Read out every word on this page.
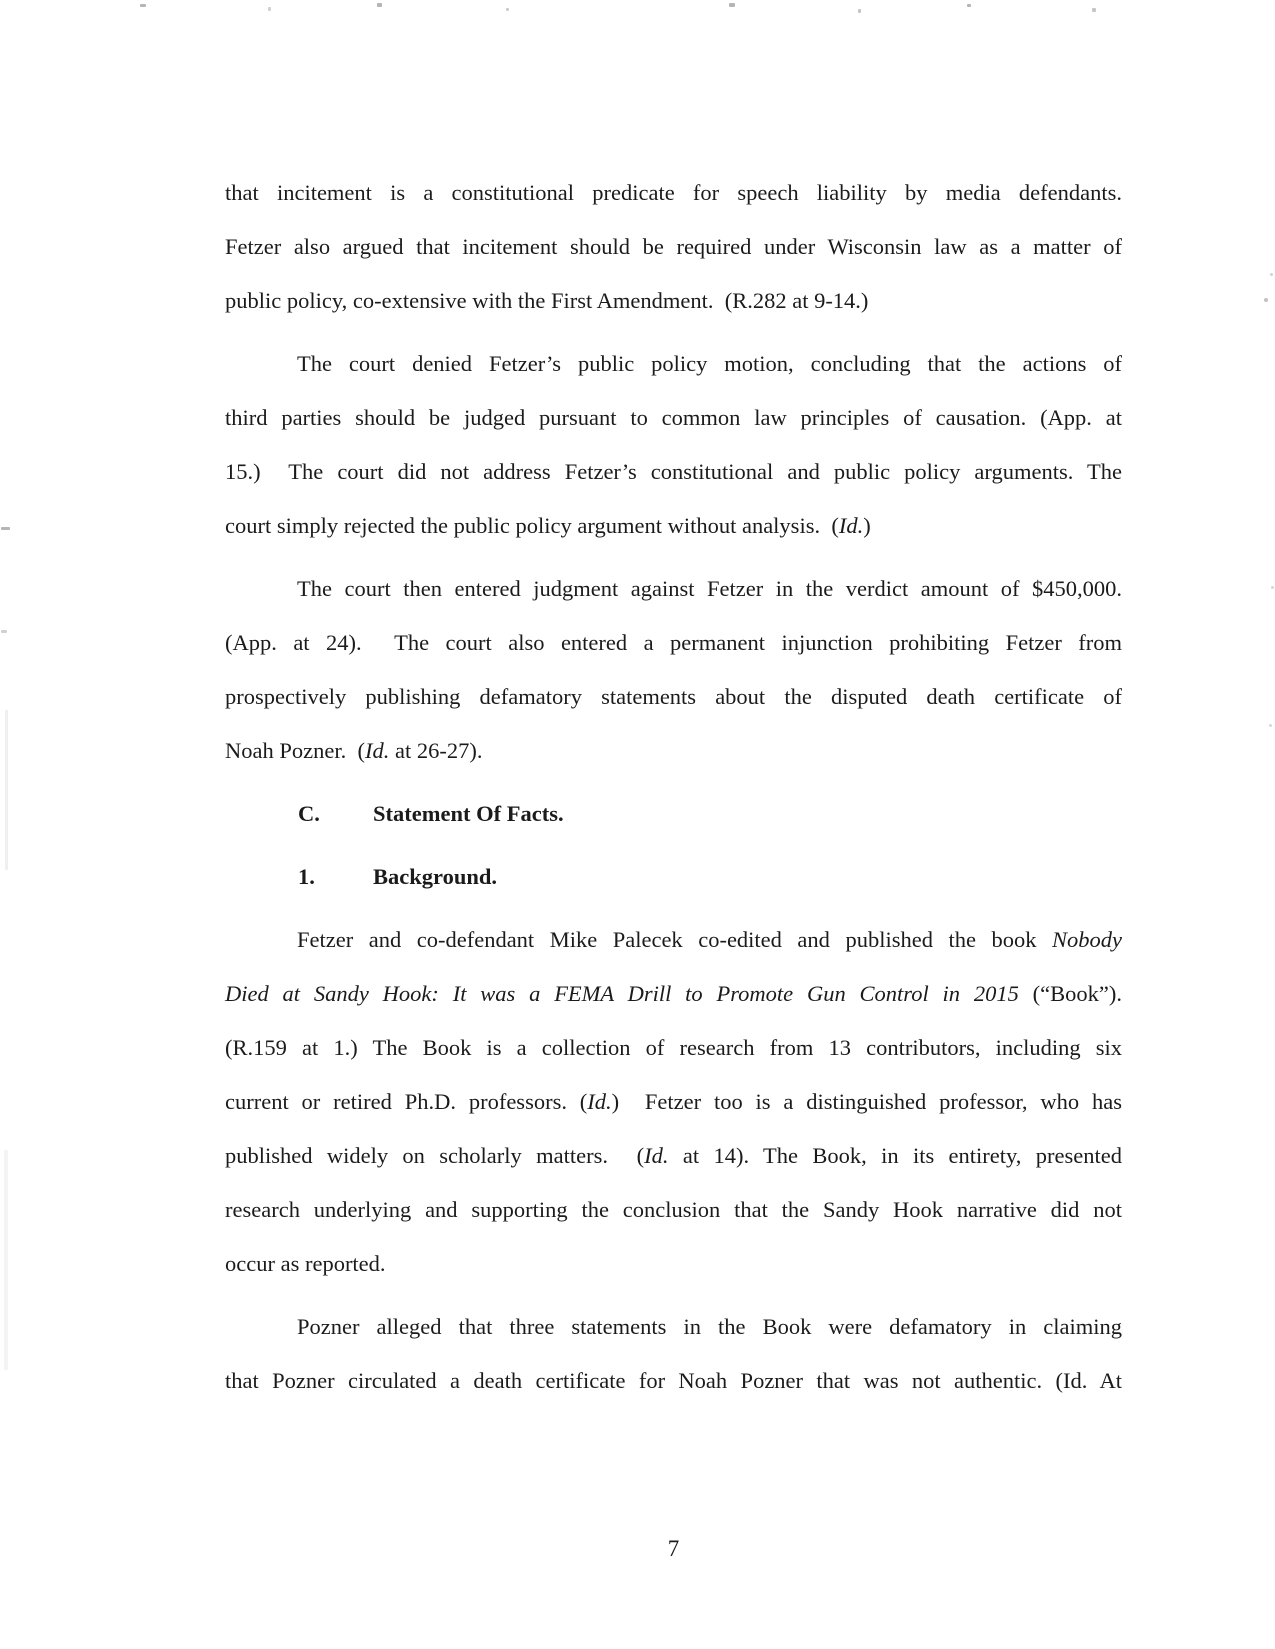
that incitement is a constitutional predicate for speech liability by media defendants.
Fetzer also argued that incitement should be required under Wisconsin law as a matter of
public policy, co-extensive with the First Amendment.  (R.282 at 9-14.)
The court denied Fetzer’s public policy motion, concluding that the actions of
third parties should be judged pursuant to common law principles of causation. (App. at
15.)  The court did not address Fetzer’s constitutional and public policy arguments. The
court simply rejected the public policy argument without analysis.  (Id.)
The court then entered judgment against Fetzer in the verdict amount of $450,000.
(App. at 24).  The court also entered a permanent injunction prohibiting Fetzer from
prospectively publishing defamatory statements about the disputed death certificate of
Noah Pozner.  (Id. at 26-27).
C. Statement Of Facts.
1.	Background.
Fetzer and co-defendant Mike Palecek co-edited and published the book Nobody
Died at Sandy Hook: It was a FEMA Drill to Promote Gun Control in 2015 (“Book”).
(R.159 at 1.) The Book is a collection of research from 13 contributors, including six
current or retired Ph.D. professors. (Id.)  Fetzer too is a distinguished professor, who has
published widely on scholarly matters.  (Id. at 14). The Book, in its entirety, presented
research underlying and supporting the conclusion that the Sandy Hook narrative did not
occur as reported.
Pozner alleged that three statements in the Book were defamatory in claiming
that Pozner circulated a death certificate for Noah Pozner that was not authentic. (Id. At
7
